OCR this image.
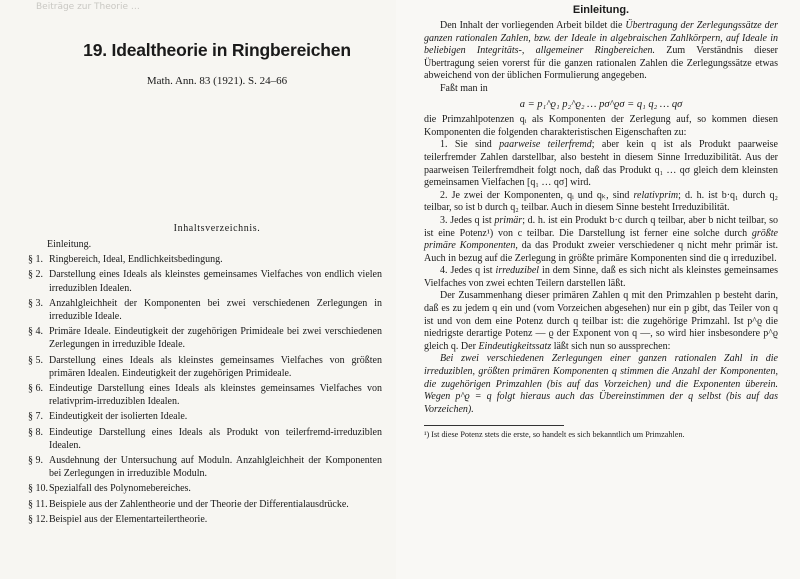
Beiträge zur Theorie …
19. Idealtheorie in Ringbereichen
Math. Ann. 83 (1921). S. 24–66
Inhaltsverzeichnis.
Einleitung.
§ 1. Ringbereich, Ideal, Endlichkeitsbedingung.
§ 2. Darstellung eines Ideals als kleinstes gemeinsames Vielfaches von endlich vielen irreduziblen Idealen.
§ 3. Anzahlgleichheit der Komponenten bei zwei verschiedenen Zerlegungen in irreduzible Ideale.
§ 4. Primäre Ideale. Eindeutigkeit der zugehörigen Primideale bei zwei verschiedenen Zerlegungen in irreduzible Ideale.
§ 5. Darstellung eines Ideals als kleinstes gemeinsames Vielfaches von größten primären Idealen. Eindeutigkeit der zugehörigen Primideale.
§ 6. Eindeutige Darstellung eines Ideals als kleinstes gemeinsames Vielfaches von relativprim-irreduziblen Idealen.
§ 7. Eindeutigkeit der isolierten Ideale.
§ 8. Eindeutige Darstellung eines Ideals als Produkt von teilerfremd-irreduziblen Idealen.
§ 9. Ausdehnung der Untersuchung auf Moduln. Anzahlgleichheit der Komponenten bei Zerlegungen in irreduzible Moduln.
§ 10. Spezialfall des Polynomebereiches.
§ 11. Beispiele aus der Zahlentheorie und der Theorie der Differentialausdrücke.
§ 12. Beispiel aus der Elementarteilertheorie.
Einleitung.

Den Inhalt der vorliegenden Arbeit bildet die Übertragung der Zerlegungssätze der ganzen rationalen Zahlen, bzw. der Ideale in algebraischen Zahlkörpern, auf Ideale in beliebigen Integritäts-, allgemeiner Ringbereichen. Zum Verständnis dieser Übertragung seien vorerst für die ganzen rationalen Zahlen die Zerlegungssätze etwas abweichend von der üblichen Formulierung angegeben.

Faßt man in

a = p₁^ϱ₁ p₂^ϱ₂ … pσ^ϱσ = q₁ q₂ … qσ

die Primzahlpotenzen qᵢ als Komponenten der Zerlegung auf, so kommen diesen Komponenten die folgenden charakteristischen Eigenschaften zu:

1. Sie sind paarweise teilerfremd; aber kein q ist als Produkt paarweise teilerfremder Zahlen darstellbar, also besteht in diesem Sinne Irreduzibilität. Aus der paarweisen Teilerfremdheit folgt noch, daß das Produkt q₁ … qσ gleich dem kleinsten gemeinsamen Vielfachen [q₁ … qσ] wird.

2. Je zwei der Komponenten, qᵢ und qₖ, sind relativprim; d. h. ist b·q₁ durch q₂ teilbar, so ist b durch q₂ teilbar. Auch in diesem Sinne besteht Irreduzibilität.

3. Jedes q ist primär; d. h. ist ein Produkt b·c durch q teilbar, aber b nicht teilbar, so ist eine Potenz¹) von c teilbar. Die Darstellung ist ferner eine solche durch größte primäre Komponenten, da das Produkt zweier verschiedener q nicht mehr primär ist. Auch in bezug auf die Zerlegung in größte primäre Komponenten sind die q irreduzibel.

4. Jedes q ist irreduzibel in dem Sinne, daß es sich nicht als kleinstes gemeinsames Vielfaches von zwei echten Teilern darstellen läßt.

Der Zusammenhang dieser primären Zahlen q mit den Primzahlen p besteht darin, daß es zu jedem q ein und (vom Vorzeichen abgesehen) nur ein p gibt, das Teiler von q ist und von dem eine Potenz durch q teilbar ist: die zugehörige Primzahl. Ist p^ϱ die niedrigste derartige Potenz — ϱ der Exponent von q —, so wird hier insbesondere p^ϱ gleich q. Der Eindeutigkeitssatz läßt sich nun so aussprechen:

Bei zwei verschiedenen Zerlegungen einer ganzen rationalen Zahl in die irreduziblen, größten primären Komponenten q stimmen die Anzahl der Komponenten, die zugehörigen Primzahlen (bis auf das Vorzeichen) und die Exponenten überein. Wegen p^ϱ = q folgt hieraus auch das Übereinstimmen der q selbst (bis auf das Vorzeichen).

¹) Ist diese Potenz stets die erste, so handelt es sich bekanntlich um Primzahlen.
